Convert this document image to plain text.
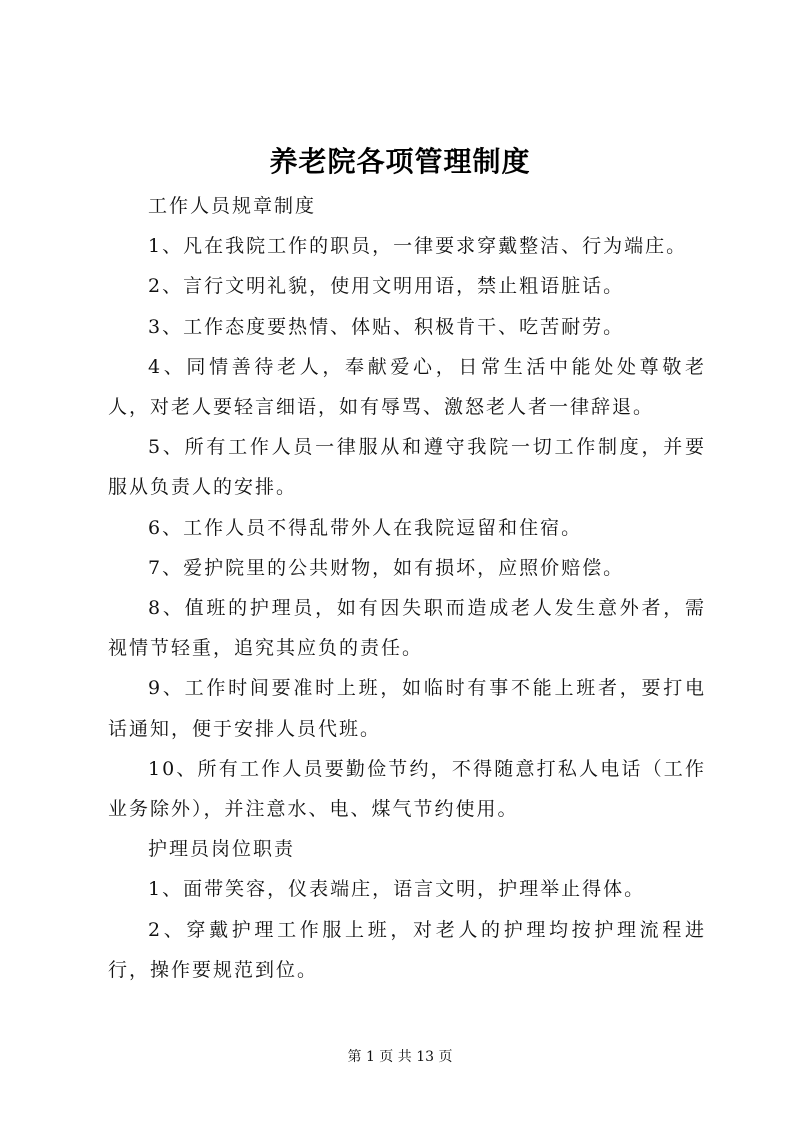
养老院各项管理制度

工作人员规章制度

1、凡在我院工作的职员，一律要求穿戴整洁、行为端庄。

2、言行文明礼貌，使用文明用语，禁止粗语脏话。

3、工作态度要热情、体贴、积极肯干、吃苦耐劳。

4、同情善待老人，奉献爱心，日常生活中能处处尊敬老人，对老人要轻言细语，如有辱骂、激怒老人者一律辞退。

5、所有工作人员一律服从和遵守我院一切工作制度，并要服从负责人的安排。

6、工作人员不得乱带外人在我院逗留和住宿。

7、爱护院里的公共财物，如有损坏，应照价赔偿。

8、值班的护理员，如有因失职而造成老人发生意外者，需视情节轻重，追究其应负的责任。

9、工作时间要准时上班，如临时有事不能上班者，要打电话通知，便于安排人员代班。

10、所有工作人员要勤俭节约，不得随意打私人电话（工作业务除外），并注意水、电、煤气节约使用。

护理员岗位职责

1、面带笑容，仪表端庄，语言文明，护理举止得体。

2、穿戴护理工作服上班，对老人的护理均按护理流程进行，操作要规范到位。

第 1 页 共 13 页
